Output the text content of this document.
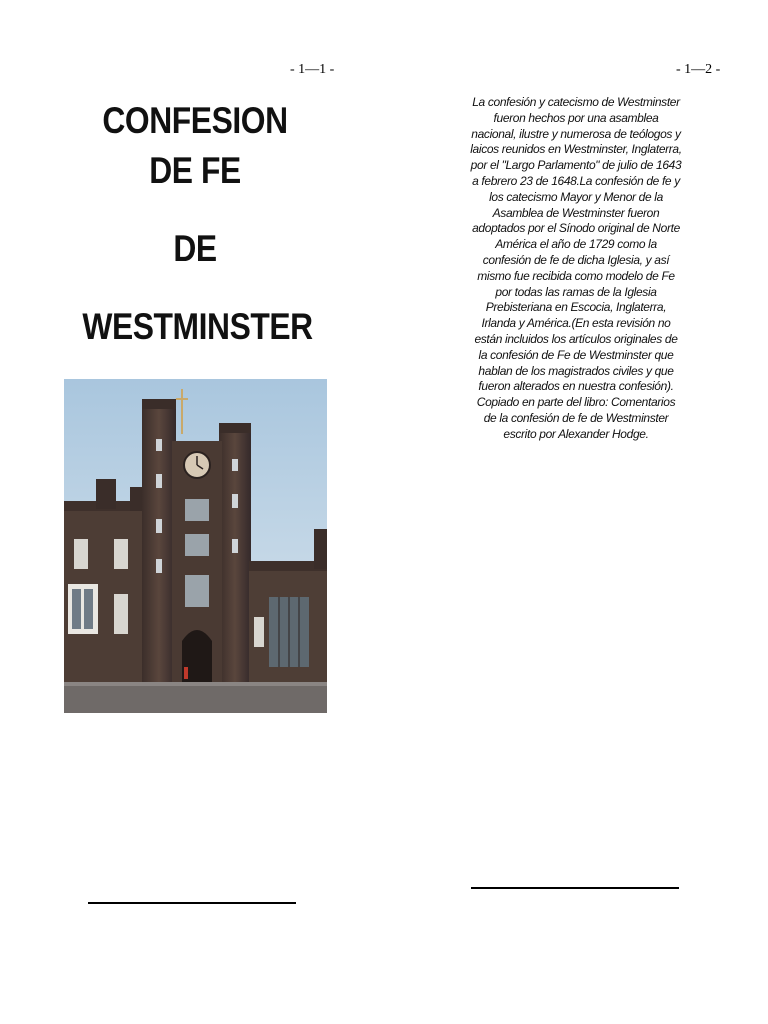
- 1—1 -	- 1—2 -
CONFESION
DE FE
DE
WESTMINSTER
La confesión y catecismo de Westminster fueron hechos por una asamblea nacional, ilustre y numerosa de teólogos y laicos reunidos en Westminster, Inglaterra, por el "Largo Parlamento" de julio de 1643 a febrero 23 de 1648.La confesión de fe y los catecismo Mayor y Menor de la Asamblea de Westminster fueron adoptados por el Sínodo original de Norte América el año de 1729 como la confesión de fe de dicha Iglesia, y así mismo fue recibida como modelo de Fe por todas las ramas de la Iglesia Prebisteriana en Escocia, Inglaterra, Irlanda y América.(En esta revisión no están incluidos los artículos originales de la confesión de Fe de Westminster que hablan de los magistrados civiles y que fueron alterados en nuestra confesión). Copiado en parte del libro: Comentarios de la confesión de fe de Westminster escrito por Alexander Hodge.
